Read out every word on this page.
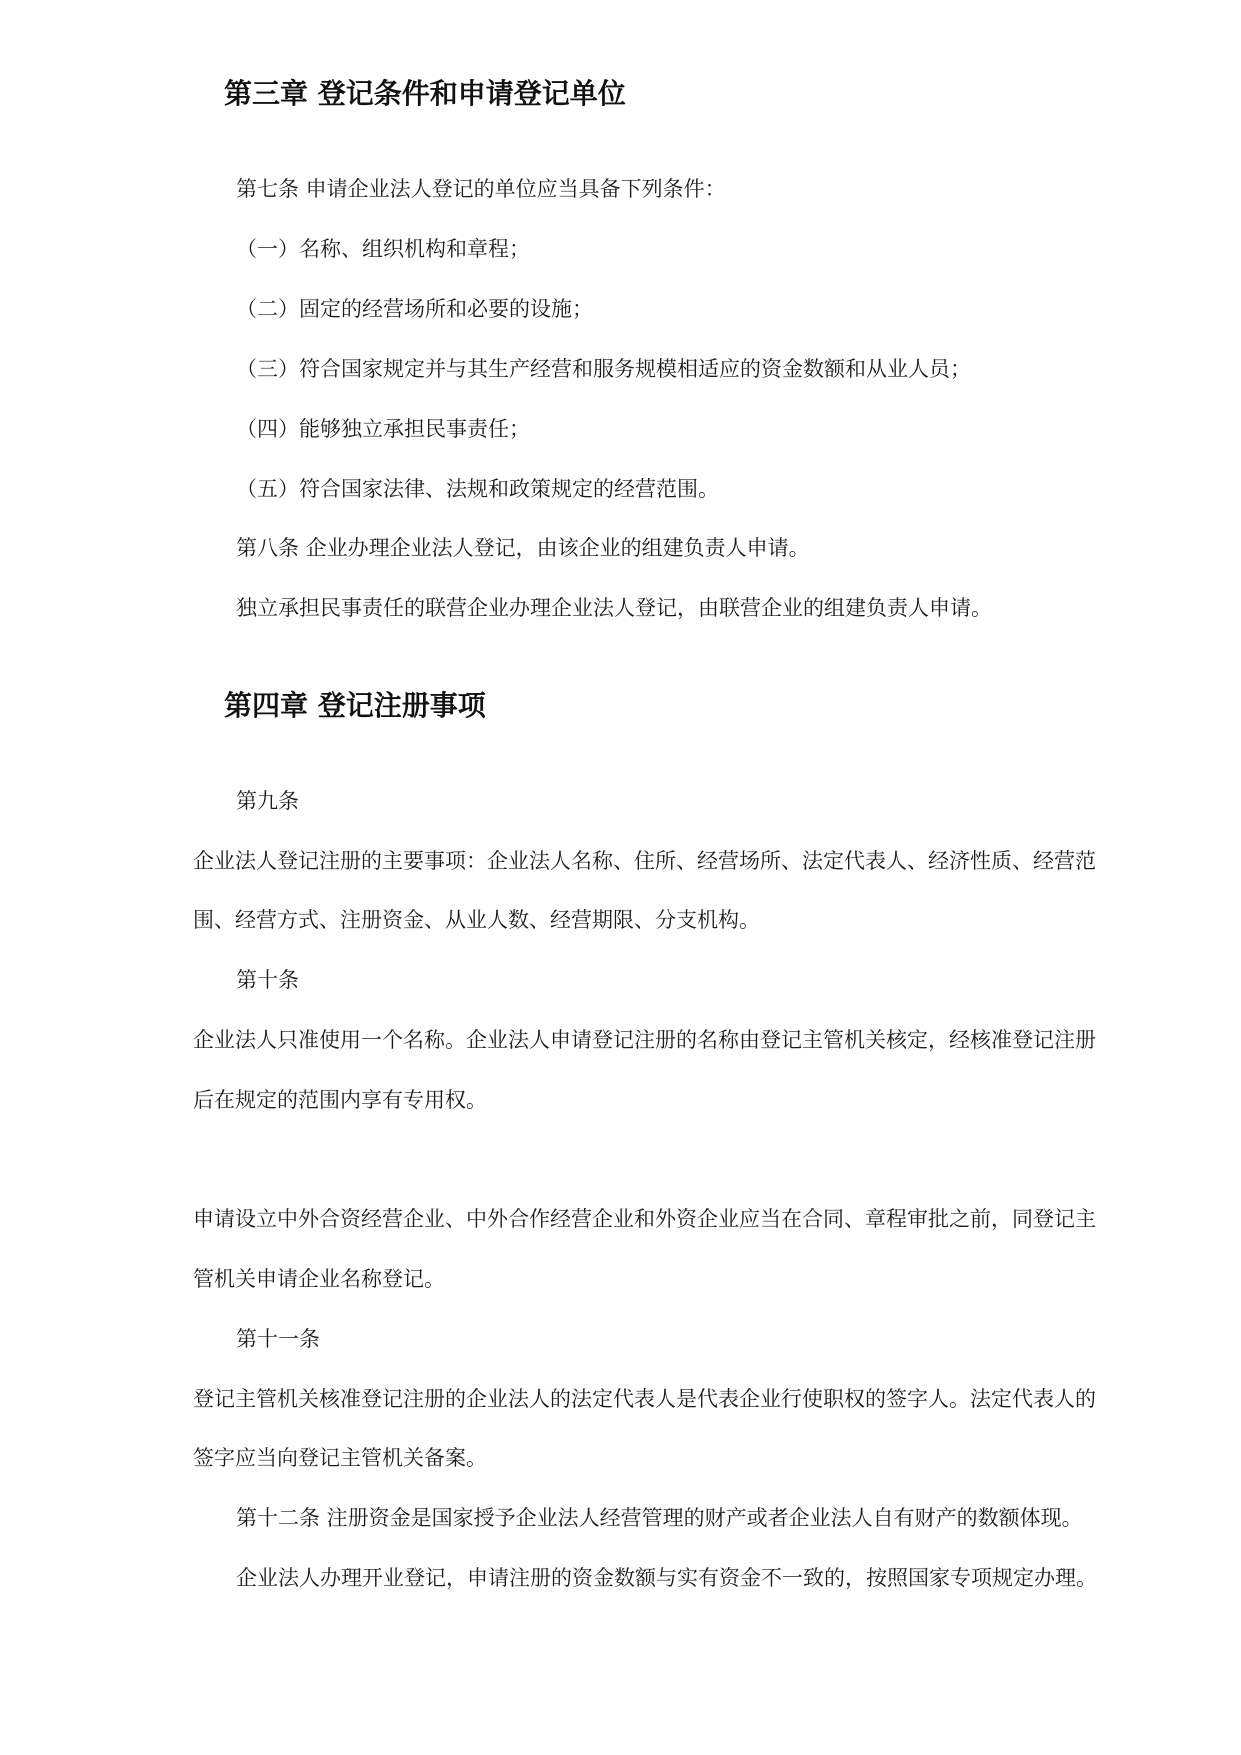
第三章 登记条件和申请登记单位
第七条 申请企业法人登记的单位应当具备下列条件：
（一）名称、组织机构和章程；
（二）固定的经营场所和必要的设施；
（三）符合国家规定并与其生产经营和服务规模相适应的资金数额和从业人员；
（四）能够独立承担民事责任；
（五）符合国家法律、法规和政策规定的经营范围。
第八条 企业办理企业法人登记，由该企业的组建负责人申请。
独立承担民事责任的联营企业办理企业法人登记，由联营企业的组建负责人申请。
第四章 登记注册事项
第九条
企业法人登记注册的主要事项：企业法人名称、住所、经营场所、法定代表人、经济性质、经营范
围、经营方式、注册资金、从业人数、经营期限、分支机构。
第十条
企业法人只准使用一个名称。企业法人申请登记注册的名称由登记主管机关核定，经核准登记注册
后在规定的范围内享有专用权。
申请设立中外合资经营企业、中外合作经营企业和外资企业应当在合同、章程审批之前，同登记主
管机关申请企业名称登记。
第十一条
登记主管机关核准登记注册的企业法人的法定代表人是代表企业行使职权的签字人。法定代表人的
签字应当向登记主管机关备案。
第十二条 注册资金是国家授予企业法人经营管理的财产或者企业法人自有财产的数额体现。
企业法人办理开业登记，申请注册的资金数额与实有资金不一致的，按照国家专项规定办理。
